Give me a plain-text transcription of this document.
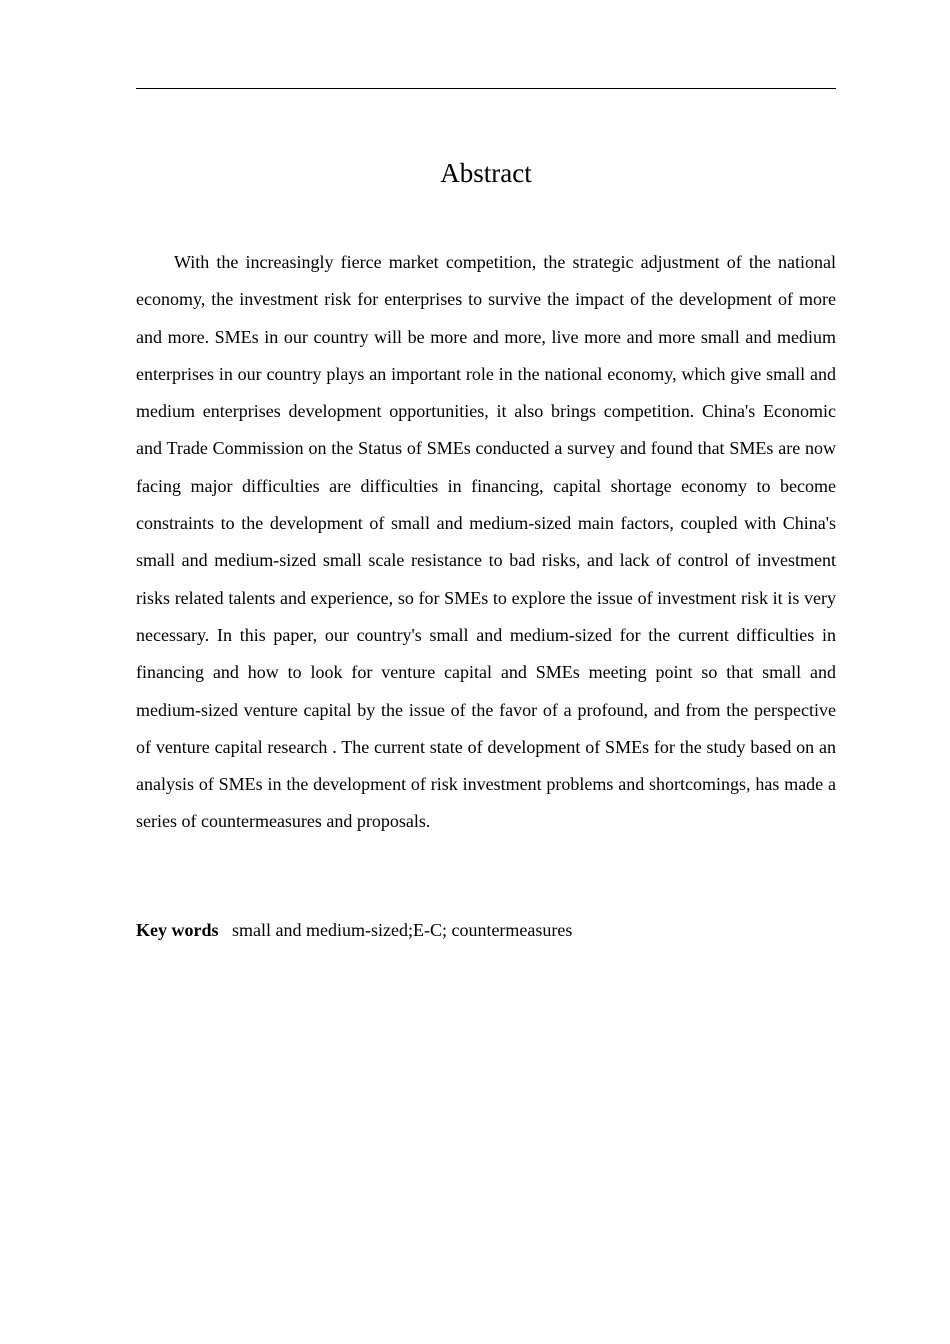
Abstract

With the increasingly fierce market competition, the strategic adjustment of the national economy, the investment risk for enterprises to survive the impact of the development of more and more. SMEs in our country will be more and more, live more and more small and medium enterprises in our country plays an important role in the national economy, which give small and medium enterprises development opportunities, it also brings competition. China's Economic and Trade Commission on the Status of SMEs conducted a survey and found that SMEs are now facing major difficulties are difficulties in financing, capital shortage economy to become constraints to the development of small and medium-sized main factors, coupled with China's small and medium-sized small scale resistance to bad risks, and lack of control of investment risks related talents and experience, so for SMEs to explore the issue of investment risk it is very necessary. In this paper, our country's small and medium-sized for the current difficulties in financing and how to look for venture capital and SMEs meeting point so that small and medium-sized venture capital by the issue of the favor of a profound, and from the perspective of venture capital research . The current state of development of SMEs for the study based on an analysis of SMEs in the development of risk investment problems and shortcomings, has made a series of countermeasures and proposals.

Key words small and medium-sized;E-C; countermeasures
